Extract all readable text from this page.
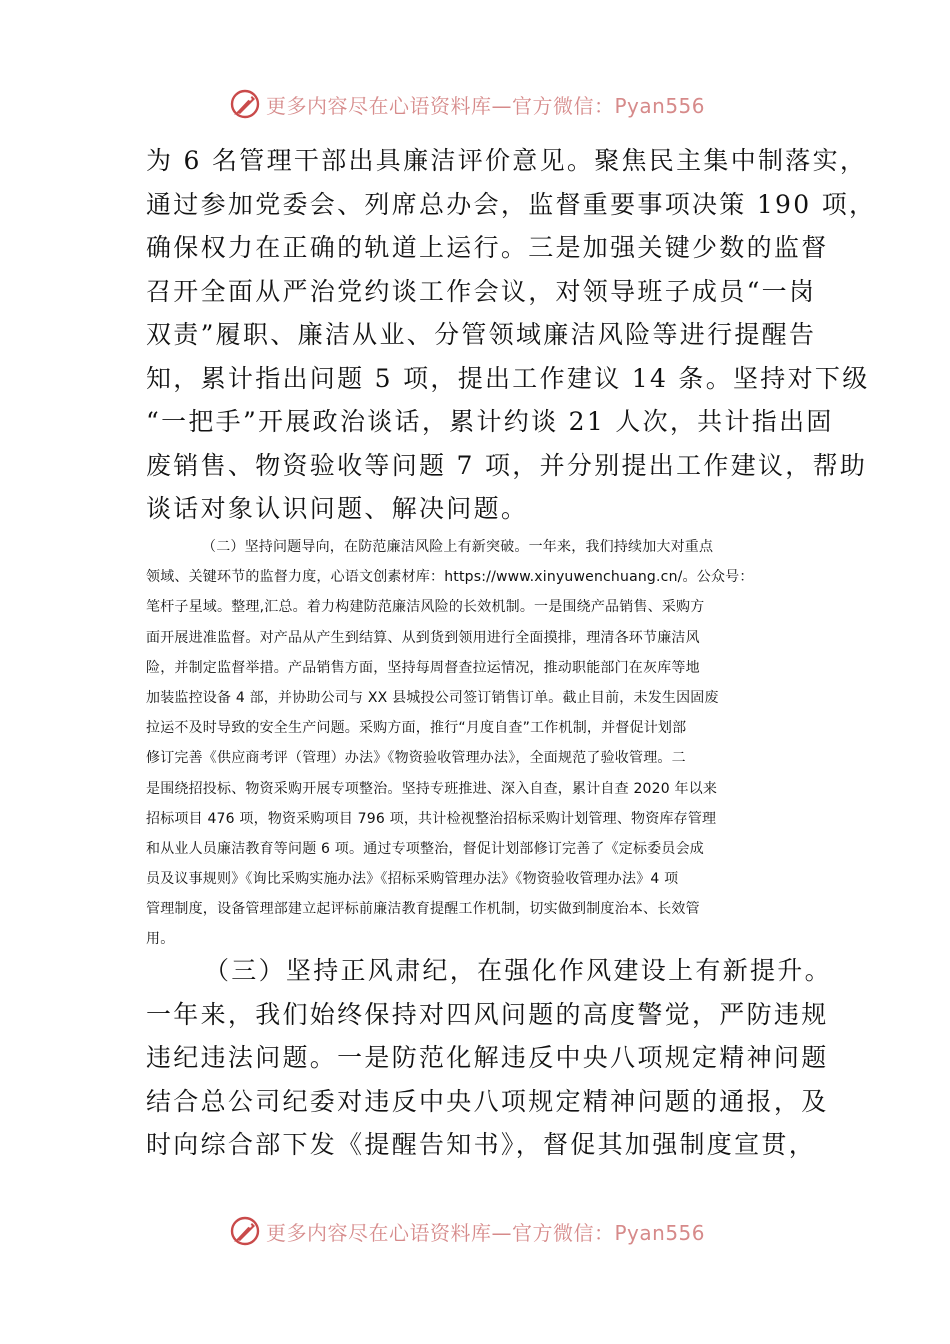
更多内容尽在心语资料库—官方微信：Pyan556
为 6 名管理干部出具廉洁评价意见。聚焦民主集中制落实，
通过参加党委会、列席总办会，监督重要事项决策 190 项，
确保权力在正确的轨道上运行。三是加强关键少数的监督
召开全面从严治党约谈工作会议，对领导班子成员“一岗
双责”履职、廉洁从业、分管领域廉洁风险等进行提醒告
知，累计指出问题 5 项，提出工作建议 14 条。坚持对下级
“一把手”开展政治谈话，累计约谈 21 人次，共计指出固
废销售、物资验收等问题 7 项，并分别提出工作建议，帮助
谈话对象认识问题、解决问题。
（二）坚持问题导向，在防范廉洁风险上有新突破。一年来，我们持续加大对重点
领域、关键环节的监督力度，心语文创素材库：https://www.xinyuwenchuang.cn/。公众号：
笔杆子星域。整理,汇总。着力构建防范廉洁风险的长效机制。一是围绕产品销售、采购方
面开展进准监督。对产品从产生到结算、从到货到领用进行全面摸排，理清各环节廉洁风
险，并制定监督举措。产品销售方面，坚持每周督查拉运情况，推动职能部门在灰库等地
加装监控设备 4 部，并协助公司与 XX 县城投公司签订销售订单。截止目前，未发生因固废
拉运不及时导致的安全生产问题。采购方面，推行“月度自查”工作机制，并督促计划部
修订完善《供应商考评（管理）办法》《物资验收管理办法》，全面规范了验收管理。二
是围绕招投标、物资采购开展专项整治。坚持专班推进、深入自查，累计自查 2020 年以来
招标项目 476 项，物资采购项目 796 项，共计检视整治招标采购计划管理、物资库存管理
和从业人员廉洁教育等问题 6 项。通过专项整治，督促计划部修订完善了《定标委员会成
员及议事规则》《询比采购实施办法》《招标采购管理办法》《物资验收管理办法》4 项
管理制度，设备管理部建立起评标前廉洁教育提醒工作机制，切实做到制度治本、长效管
用。
（三）坚持正风肃纪，在强化作风建设上有新提升。
一年来，我们始终保持对四风问题的高度警觉，严防违规
违纪违法问题。一是防范化解违反中央八项规定精神问题
结合总公司纪委对违反中央八项规定精神问题的通报，及
时向综合部下发《提醒告知书》，督促其加强制度宣贯，
更多内容尽在心语资料库—官方微信：Pyan556
